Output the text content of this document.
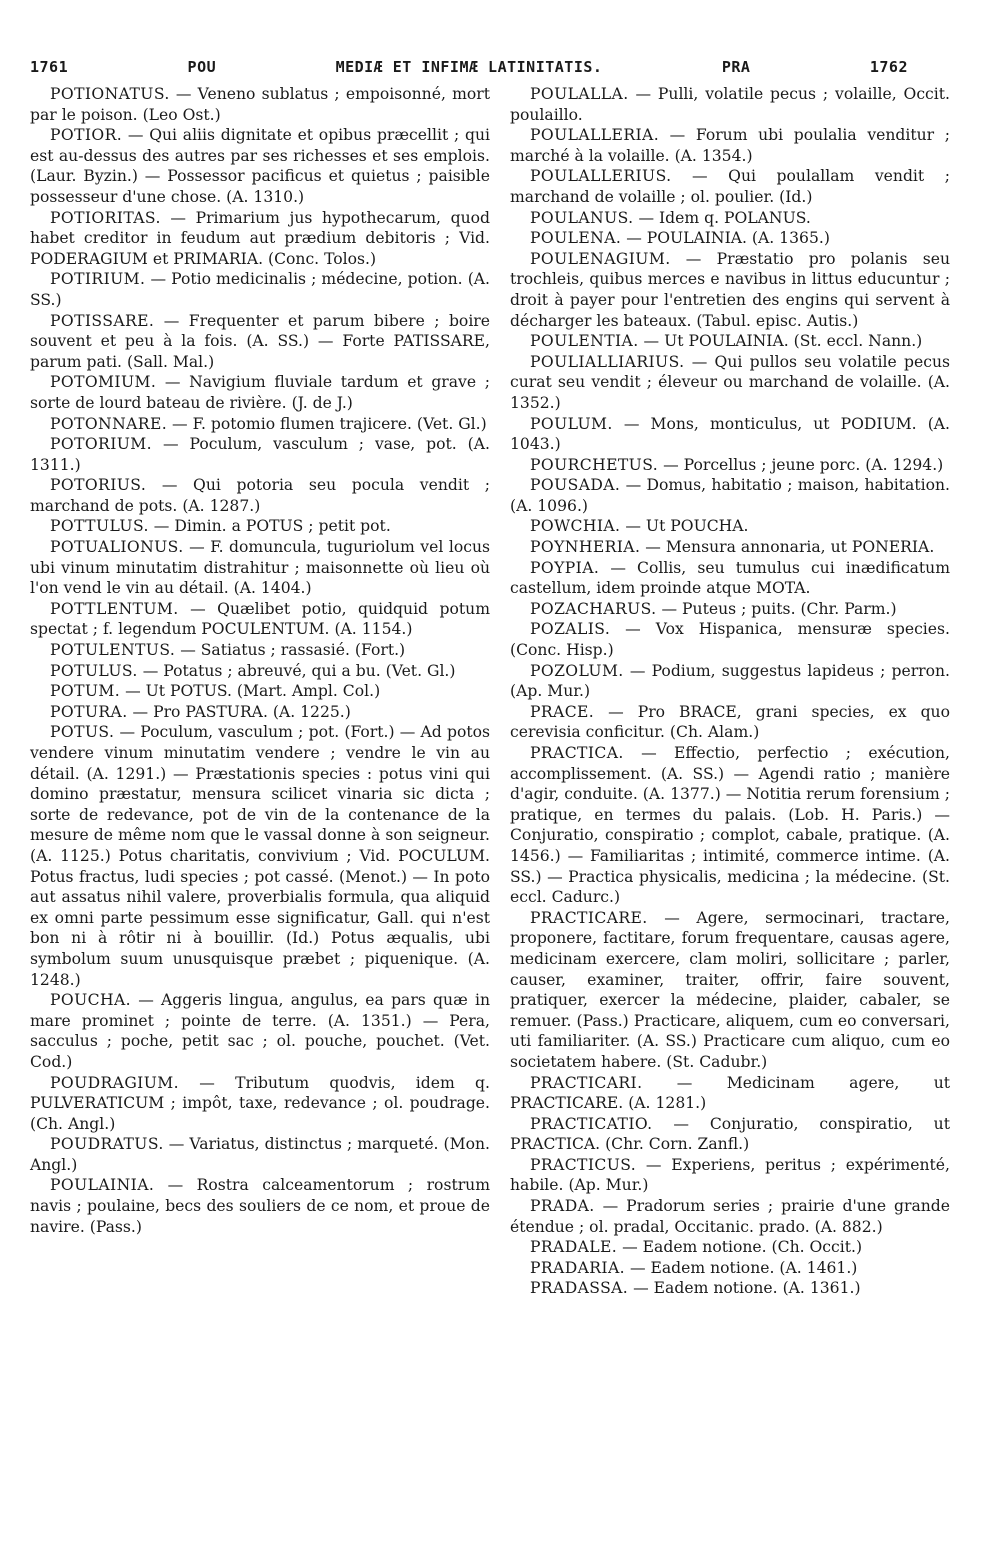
1761	POU	MEDIÆ ET INFIMÆ LATINITATIS.	PRA	1762

POTIONATUS. — Veneno sublatus ; empoisonné, mort par le poison. (Leo Ost.)

POTIOR. — Qui aliis dignitate et opibus præcellit ; qui est au-dessus des autres par ses richesses et ses emplois. (Laur. Byzin.) — Possessor pacificus et quietus ; paisible possesseur d'une chose. (A. 1310.)

POTIORITAS. — Primarium jus hypothecarum, quod habet creditor in feudum aut prædium debitoris ; Vid. PODERAGIUM et PRIMARIA. (Conc. Tolos.)

POTIRIUM. — Potio medicinalis ; médecine, potion. (A. SS.)

POTISSARE. — Frequenter et parum bibere ; boire souvent et peu à la fois. (A. SS.) — Forte PATISSARE, parum pati. (Sall. Mal.)

POTOMIUM. — Navigium fluviale tardum et grave ; sorte de lourd bateau de rivière. (J. de J.)

POTONNARE. — F. potomio flumen trajicere. (Vet. Gl.)

POTORIUM. — Poculum, vasculum ; vase, pot. (A. 1311.)

POTORIUS. — Qui potoria seu pocula vendit ; marchand de pots. (A. 1287.)

POTTULUS. — Dimin. a POTUS ; petit pot.

POTUALIONUS. — F. domuncula, tuguriolum vel locus ubi vinum minutatim distrahitur ; maisonnette où lieu où l'on vend le vin au détail. (A. 1404.)

POTTLENTUM. — Quælibet potio, quidquid potum spectat ; f. legendum POCULENTUM. (A. 1154.)

POTULENTUS. — Satiatus ; rassasié. (Fort.)

POTULUS. — Potatus ; abreuvé, qui a bu. (Vet. Gl.)

POTUM. — Ut POTUS. (Mart. Ampl. Col.)

POTURA. — Pro PASTURA. (A. 1225.)

POTUS. — Poculum, vasculum ; pot. (Fort.) — Ad potos vendere vinum minutatim vendere ; vendre le vin au détail. (A. 1291.) — Præstationis species : potus vini qui domino præstatur, mensura scilicet vinaria sic dicta ; sorte de redevance, pot de vin de la contenance de la mesure de même nom que le vassal donne à son seigneur. (A. 1125.) Potus charitatis, convivium ; Vid. POCULUM. Potus fractus, ludi species ; pot cassé. (Menot.) — In poto aut assatus nihil valere, proverbialis formula, qua aliquid ex omni parte pessimum esse significatur, Gall. qui n'est bon ni à rôtir ni à bouillir. (Id.) Potus æqualis, ubi symbolum suum unusquisque præbet ; piquenique. (A. 1248.)

POUCHA. — Aggeris lingua, angulus, ea pars quæ in mare prominet ; pointe de terre. (A. 1351.) — Pera, sacculus ; poche, petit sac ; ol. pouche, pouchet. (Vet. Cod.)

POUDRAGIUM. — Tributum quodvis, idem q. PULVERATICUM ; impôt, taxe, redevance ; ol. poudrage. (Ch. Angl.)

POUDRATUS. — Variatus, distinctus ; marqueté. (Mon. Angl.)

POULAINIA. — Rostra calceamentorum ; rostrum navis ; poulaine, becs des souliers de ce nom, et proue de navire. (Pass.)

POULALLA. — Pulli, volatile pecus ; volaille, Occit. poulaillo.

POULALLERIA. — Forum ubi poulalia venditur ; marché à la volaille. (A. 1354.)

POULALLERIUS. — Qui poulallam vendit ; marchand de volaille ; ol. poulier. (Id.)

POULANUS. — Idem q. POLANUS.

POULENA. — POULAINIA. (A. 1365.)

POULENAGIUM. — Præstatio pro polanis seu trochleis, quibus merces e navibus in littus educuntur ; droit à payer pour l'entretien des engins qui servent à décharger les bateaux. (Tabul. episc. Autis.)

POULENTIA. — Ut POULAINIA. (St. eccl. Nann.)

POULIALLIARIUS. — Qui pullos seu volatile pecus curat seu vendit ; éleveur ou marchand de volaille. (A. 1352.)

POULUM. — Mons, monticulus, ut PODIUM. (A. 1043.)

POURCHETUS. — Porcellus ; jeune porc. (A. 1294.)

POUSADA. — Domus, habitatio ; maison, habitation. (A. 1096.)

POWCHIA. — Ut POUCHA.

POYNHERIA. — Mensura annonaria, ut PONERIA.

POYPIA. — Collis, seu tumulus cui inædificatum castellum, idem proinde atque MOTA.

POZACHARUS. — Puteus ; puits. (Chr. Parm.)

POZALIS. — Vox Hispanica, mensuræ species. (Conc. Hisp.)

POZOLUM. — Podium, suggestus lapideus ; perron. (Ap. Mur.)

PRACE. — Pro BRACE, grani species, ex quo cerevisia conficitur. (Ch. Alam.)

PRACTICA. — Effectio, perfectio ; exécution, accomplissement. (A. SS.) — Agendi ratio ; manière d'agir, conduite. (A. 1377.) — Notitia rerum forensium ; pratique, en termes du palais. (Lob. H. Paris.) — Conjuratio, conspiratio ; complot, cabale, pratique. (A. 1456.) — Familiaritas ; intimité, commerce intime. (A. SS.) — Practica physicalis, medicina ; la médecine. (St. eccl. Cadurc.)

PRACTICARE. — Agere, sermocinari, tractare, proponere, factitare, forum frequentare, causas agere, medicinam exercere, clam moliri, sollicitare ; parler, causer, examiner, traiter, offrir, faire souvent, pratiquer, exercer la médecine, plaider, cabaler, se remuer. (Pass.) Practicare, aliquem, cum eo conversari, uti familiariter. (A. SS.) Practicare cum aliquo, cum eo societatem habere. (St. Cadubr.)

PRACTICARI. — Medicinam agere, ut PRACTICARE. (A. 1281.)

PRACTICATIO. — Conjuratio, conspiratio, ut PRACTICA. (Chr. Corn. Zanfl.)

PRACTICUS. — Experiens, peritus ; expérimenté, habile. (Ap. Mur.)

PRADA. — Pradorum series ; prairie d'une grande étendue ; ol. pradal, Occitanic. prado. (A. 882.)

PRADALE. — Eadem notione. (Ch. Occit.)

PRADARIA. — Eadem notione. (A. 1461.)

PRADASSA. — Eadem notione. (A. 1361.)
